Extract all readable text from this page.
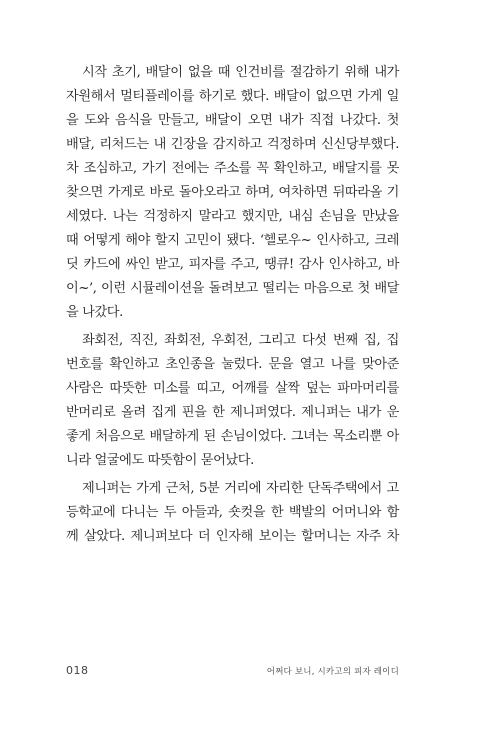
시작 초기, 배달이 없을 때 인건비를 절감하기 위해 내가
자원해서 멀티플레이를 하기로 했다. 배달이 없으면 가게 일
을 도와 음식을 만들고, 배달이 오면 내가 직접 나갔다. 첫
배달, 리처드는 내 긴장을 감지하고 걱정하며 신신당부했다.
차 조심하고, 가기 전에는 주소를 꼭 확인하고, 배달지를 못
찾으면 가게로 바로 돌아오라고 하며, 여차하면 뒤따라올 기
세였다. 나는 걱정하지 말라고 했지만, 내심 손님을 만났을
때 어떻게 해야 할지 고민이 됐다. ‘헬로우~ 인사하고, 크레
딧 카드에 싸인 받고, 피자를 주고, 땡큐! 감사 인사하고, 바
이~’, 이런 시뮬레이션을 돌려보고 떨리는 마음으로 첫 배달
을 나갔다.
좌회전, 직진, 좌회전, 우회전, 그리고 다섯 번째 집, 집
번호를 확인하고 초인종을 눌렀다. 문을 열고 나를 맞아준
사람은 따뜻한 미소를 띠고, 어깨를 살짝 덮는 파마머리를
반머리로 올려 집게 핀을 한 제니퍼였다. 제니퍼는 내가 운
좋게 처음으로 배달하게 된 손님이었다. 그녀는 목소리뿐 아
니라 얼굴에도 따뜻함이 묻어났다.
제니퍼는 가게 근처, 5분 거리에 자리한 단독주택에서 고
등학교에 다니는 두 아들과, 숏컷을 한 백발의 어머니와 함
께 살았다. 제니퍼보다 더 인자해 보이는 할머니는 자주 차
018	어쩌다 보니, 시카고의 피자 레이디
